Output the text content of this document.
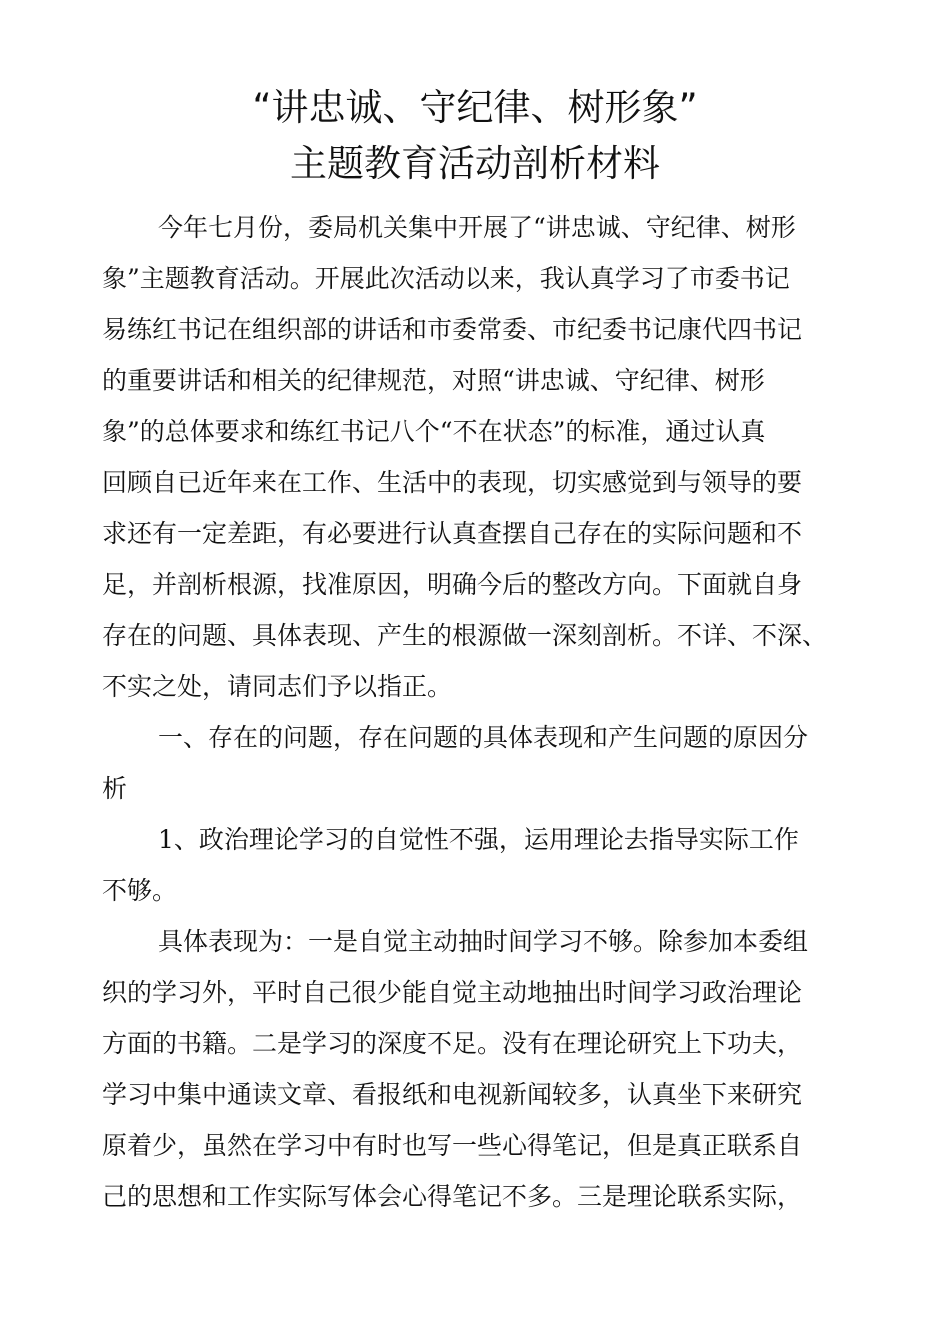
“讲忠诚、守纪律、树形象”
主题教育活动剖析材料
今年七月份，委局机关集中开展了“讲忠诚、守纪律、树形
象”主题教育活动。开展此次活动以来，我认真学习了市委书记
易练红书记在组织部的讲话和市委常委、市纪委书记康代四书记
的重要讲话和相关的纪律规范，对照“讲忠诚、守纪律、树形
象”的总体要求和练红书记八个“不在状态”的标准，通过认真
回顾自已近年来在工作、生活中的表现，切实感觉到与领导的要
求还有一定差距，有必要进行认真查摆自己存在的实际问题和不
足，并剖析根源，找准原因，明确今后的整改方向。下面就自身
存在的问题、具体表现、产生的根源做一深刻剖析。不详、不深、
不实之处，请同志们予以指正。
一、存在的问题，存在问题的具体表现和产生问题的原因分
析
1、政治理论学习的自觉性不强，运用理论去指导实际工作
不够。
具体表现为：一是自觉主动抽时间学习不够。除参加本委组
织的学习外，平时自己很少能自觉主动地抽出时间学习政治理论
方面的书籍。二是学习的深度不足。没有在理论研究上下功夫，
学习中集中通读文章、看报纸和电视新闻较多，认真坐下来研究
原着少，虽然在学习中有时也写一些心得笔记，但是真正联系自
己的思想和工作实际写体会心得笔记不多。三是理论联系实际，
